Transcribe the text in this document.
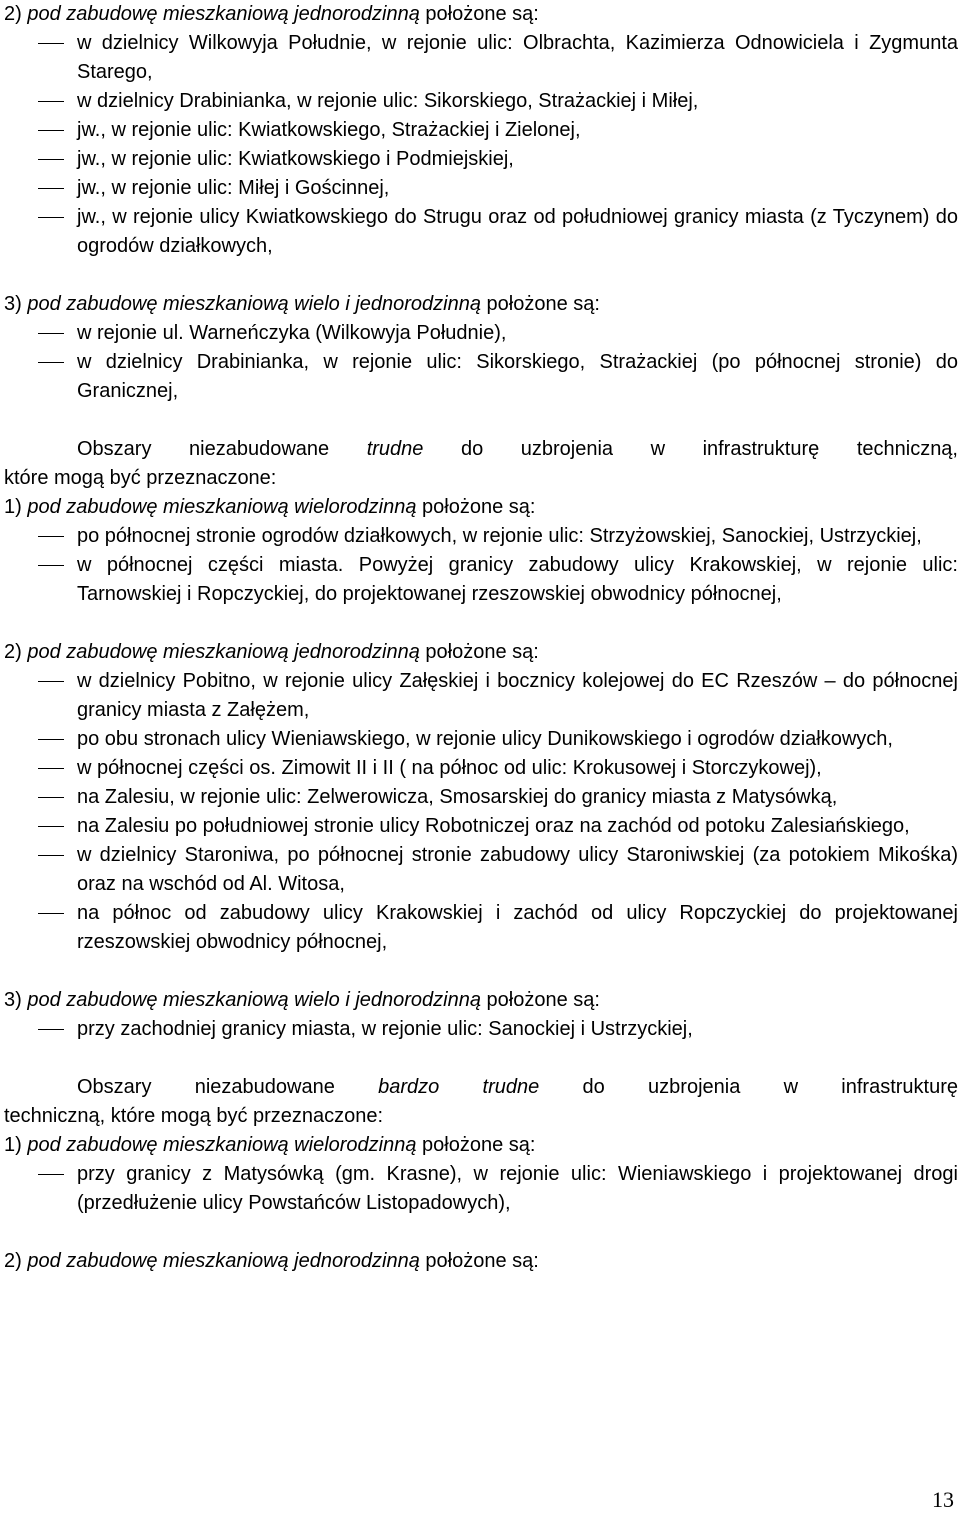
2) pod zabudowę mieszkaniową jednorodzinną położone są:

w dzielnicy Wilkowyja Południe, w rejonie ulic: Olbrachta, Kazimierza Odnowiciela i Zygmunta Starego,

w dzielnicy Drabinianka, w rejonie ulic: Sikorskiego, Strażackiej i Miłej,

jw., w rejonie ulic: Kwiatkowskiego, Strażackiej i Zielonej,

jw., w rejonie ulic: Kwiatkowskiego i Podmiejskiej,

jw., w rejonie ulic: Miłej i Gościnnej,

jw., w rejonie ulicy Kwiatkowskiego do Strugu oraz od południowej granicy miasta (z Tyczynem) do ogrodów działkowych,

3) pod zabudowę mieszkaniową wielo i jednorodzinną położone są:

w rejonie ul. Warneńczyka (Wilkowyja Południe),

w dzielnicy Drabinianka, w rejonie ulic: Sikorskiego, Strażackiej (po północnej stronie) do Granicznej,

Obszary niezabudowane trudne do uzbrojenia w infrastrukturę techniczną,

które mogą być przeznaczone:

1) pod zabudowę mieszkaniową wielorodzinną położone są:

po północnej stronie ogrodów działkowych, w rejonie ulic: Strzyżowskiej, Sanockiej, Ustrzyckiej,

w północnej części miasta. Powyżej granicy zabudowy ulicy Krakowskiej, w rejonie ulic: Tarnowskiej i Ropczyckiej, do projektowanej rzeszowskiej obwodnicy północnej,

2) pod zabudowę mieszkaniową jednorodzinną położone są:

w dzielnicy Pobitno, w rejonie ulicy Załęskiej i bocznicy kolejowej do EC Rzeszów – do północnej granicy miasta z Załężem,

po obu stronach ulicy Wieniawskiego, w rejonie ulicy Dunikowskiego i ogrodów działkowych,

w północnej części os. Zimowit II i II ( na północ od ulic: Krokusowej i Storczykowej),

na Zalesiu, w rejonie ulic: Zelwerowicza, Smosarskiej do granicy miasta z Matysówką,

na Zalesiu po południowej stronie ulicy Robotniczej oraz na zachód od potoku Zalesiańskiego,

w dzielnicy Staroniwa, po północnej stronie zabudowy ulicy Staroniwskiej (za potokiem Mikośka) oraz na wschód od Al. Witosa,

na północ od zabudowy ulicy Krakowskiej i zachód od ulicy Ropczyckiej do projektowanej rzeszowskiej obwodnicy północnej,

3) pod zabudowę mieszkaniową wielo i jednorodzinną położone są:

przy zachodniej granicy miasta, w rejonie ulic: Sanockiej i Ustrzyckiej,

Obszary niezabudowane bardzo trudne do uzbrojenia w infrastrukturę

techniczną, które mogą być przeznaczone:

1) pod zabudowę mieszkaniową wielorodzinną położone są:

przy granicy z Matysówką (gm. Krasne), w rejonie ulic: Wieniawskiego i projektowanej drogi (przedłużenie ulicy Powstańców Listopadowych),

2) pod zabudowę mieszkaniową jednorodzinną położone są:

13
